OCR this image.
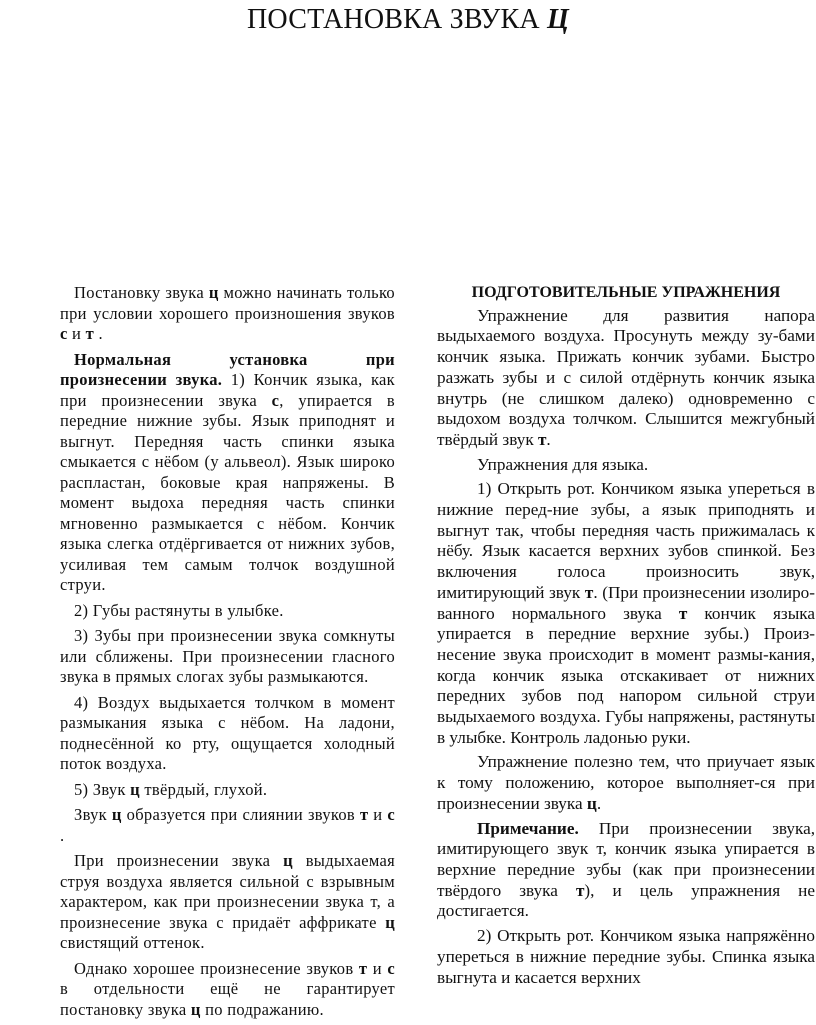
ПОСТАНОВКА ЗВУКА Ц

Постановку звука ц можно начинать только при условии хорошего произношения звуков с и т .

Нормальная установка при произнесении звука. 1) Кончик языка, как при произнесении звука с, упирается в передние нижние зубы. Язык приподнят и выгнут. Передняя часть спинки языка смыкается с нёбом (у альвеол). Язык широко распластан, боковые края напряжены. В момент выдоха передняя часть спинки мгновенно размыкается с нёбом. Кончик языка слегка отдёргивается от нижних зубов, усиливая тем самым толчок воздушной струи.

2) Губы растянуты в улыбке.

3) Зубы при произнесении звука сомкнуты или сближены. При произнесении гласного звука в прямых слогах зубы размыкаются.

4) Воздух выдыхается толчком в момент размыкания языка с нёбом. На ладони, поднесённой ко рту, ощущается холодный поток воздуха.

5) Звук ц твёрдый, глухой.

Звук ц образуется при слиянии звуков т и с .

При произнесении звука ц выдыхаемая струя воздуха является сильной с взрывным характером, как при произнесении звука т, а произнесение звука с придаёт аффрикате ц свистящий оттенок.

Однако хорошее произнесение звуков т и с в отдельности ещё не гарантирует постановку звука ц по подражанию.

ПОДГОТОВИТЕЛЬНЫЕ УПРАЖНЕНИЯ

Упражнение для развития напора выдыхаемого воздуха. Просунуть между зу-бами кончик языка. Прижать кончик зубами. Быстро разжать зубы и с силой отдёрнуть кончик языка внутрь (не слишком далеко) одновременно с выдохом воздуха толчком. Слышится межгубный твёрдый звук т.

Упражнения для языка.

1) Открыть рот. Кончиком языка упереться в нижние перед-ние зубы, а язык приподнять и выгнут так, чтобы передняя часть прижималась к нёбу. Язык касается верхних зубов спинкой. Без включения голоса произносить звук, имитирующий звук т. (При произнесении изолиро-ванного нормального звука т кончик языка упирается в передние верхние зубы.) Произ-несение звука происходит в момент размы-кания, когда кончик языка отскакивает от нижних передних зубов под напором сильной струи выдыхаемого воздуха. Губы напряжены, растянуты в улыбке. Контроль ладонью руки.

Упражнение полезно тем, что приучает язык к тому положению, которое выполняет-ся при произнесении звука ц.

Примечание. При произнесении звука, имитирующего звук т, кончик языка упирается в верхние передние зубы (как при произнесении твёрдого звука т), и цель упражнения не достигается.

2) Открыть рот. Кончиком языка напряжённо упереться в нижние передние зубы. Спинка языка выгнута и касается верхних
